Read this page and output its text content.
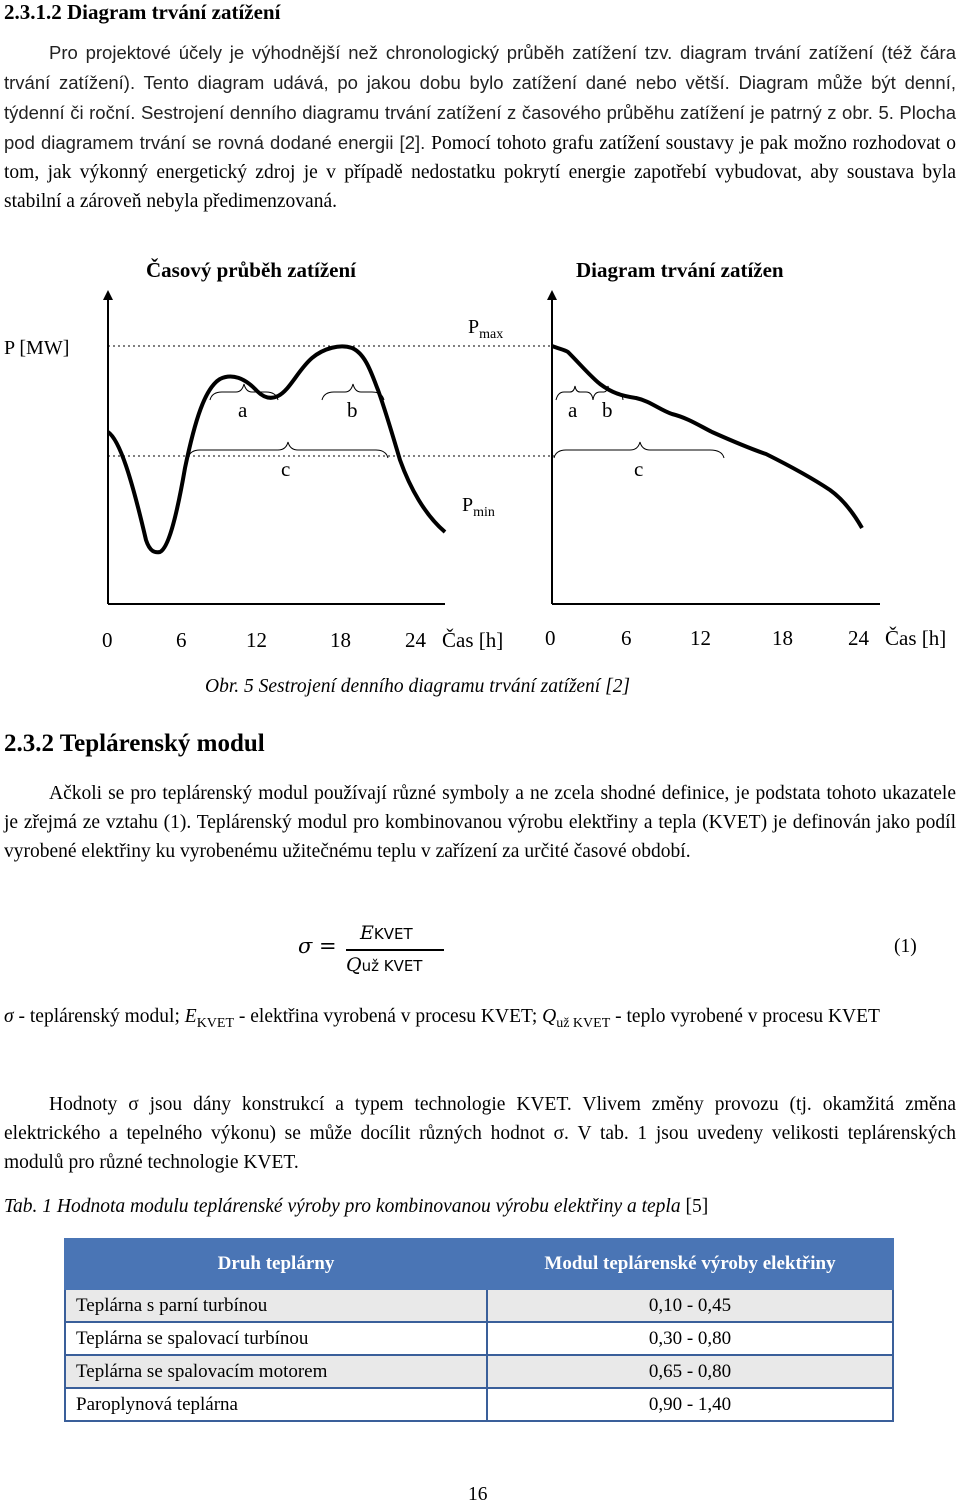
2.3.1.2 Diagram trvání zatížení

Pro projektové účely je výhodnější než chronologický průběh zatížení tzv. diagram trvání zatížení (též čára trvání zatížení). Tento diagram udává, po jakou dobu bylo zatížení dané nebo větší. Diagram může být denní, týdenní či roční. Sestrojení denního diagramu trvání zatížení z časového průběhu zatížení je patrný z obr. 5. Plocha pod diagramem trvání se rovná dodané energii [2]. Pomocí tohoto grafu zatížení soustavy je pak možno rozhodovat o tom, jak výkonný energetický zdroj je v případě nedostatku pokrytí energie zapotřebí vybudovat, aby soustava byla stabilní a zároveň nebyla předimenzovaná.

Časový průběh zatížení	Diagram trvání zatížen
P [MW]
$P_{max}$
$P_{min}$
a	b
c
a b
c
0	6	12	18	24 Čas [h] 0	6	12	18	24 Čas [h]
Obr. 5 Sestrojení denního diagramu trvání zatížení [2]
2.3.2 Teplárenský modul

Ačkoli se pro teplárenský modul používají různé symboly a ne zcela shodné definice, je podstata tohoto ukazatele je zřejmá ze vztahu (1). Teplárenský modul pro kombinovanou výrobu elektřiny a tepla (KVET) je definován jako podíl vyrobené elektřiny ku vyrobenému užitečnému teplu v zařízení za určité časové období.

σ =
EKVET
Quž KVET
(1)

σ - teplárenský modul; $E_{KVET}$ - elektřina vyrobená v procesu KVET; $Q_{už KVET}$ - teplo vyrobené v procesu KVET

Hodnoty σ jsou dány konstrukcí a typem technologie KVET. Vlivem změny provozu (tj. okamžitá změna elektrického a tepelného výkonu) se může docílit různých hodnot σ. V tab. 1 jsou uvedeny velikosti teplárenských modulů pro různé technologie KVET.

Tab. 1 Hodnota modulu teplárenské výroby pro kombinovanou výrobu elektřiny a tepla [5]
Druh teplárny	Modul teplárenské výroby elektřiny
Teplárna s parní turbínou	0,10 - 0,45
Teplárna se spalovací turbínou	0,30 - 0,80
Teplárna se spalovacím motorem	0,65 - 0,80
Paroplynová teplárna	0,90 - 1,40
16
